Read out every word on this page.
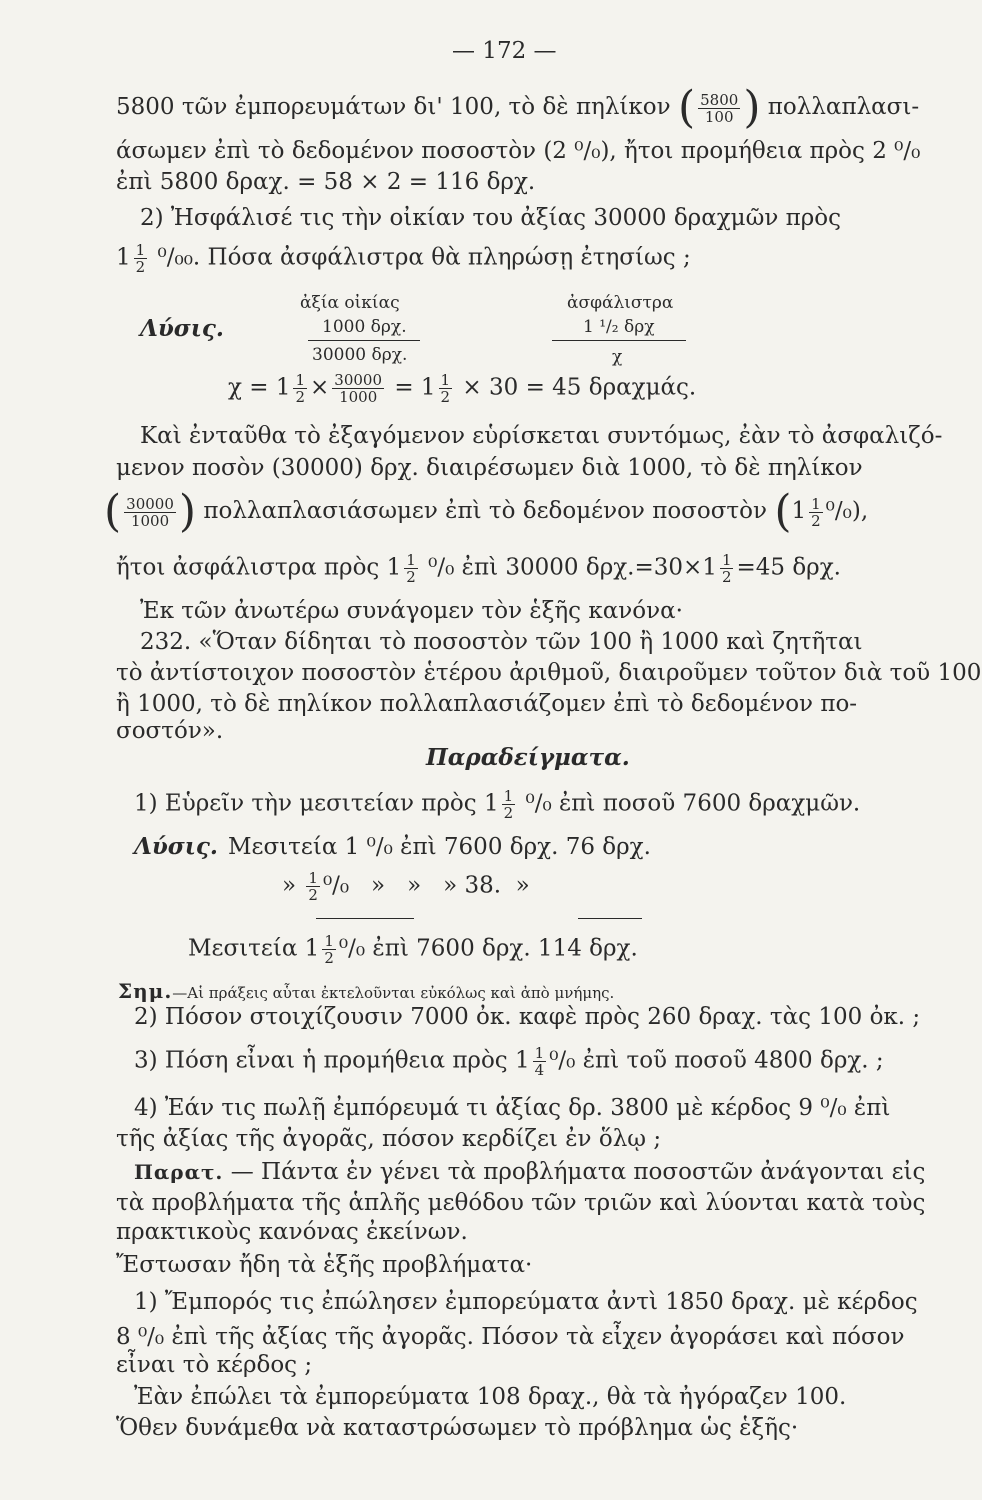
— 172 —
5800 τῶν ἐμπορευμάτων δι' 100, τὸ δὲ πηλίκον ( $\frac{5800}{100}$ ) πολλαπλασι-
άσωμεν ἐπὶ τὸ δεδομένον ποσοστὸν (2 ⁰/₀), ἤτοι προμήθεια πρὸς 2 ⁰/₀
ἐπὶ 5800 δραχ. = 58 × 2 = 116 δρχ.
2) Ἠσφάλισέ τις τὴν οἰκίαν του ἀξίας 30000 δραχμῶν πρὸς
$1 \frac{1}{2} ^0/_{00}$. Πόσα ἀσφάλιστρα θὰ πληρώσῃ ἐτησίως ;
Λύσις.
ἀξία οἰκίας	ἀσφάλιστρα
1000 δρχ.	1 ¹/₂ δρχ
30000 δρχ.	χ
$\chi = 1 \frac{1}{2} \times \frac{30000}{1000} = 1 \frac{1}{2} \times 30 = 45$ δραχμάς.
Καὶ ἐνταῦθα τὸ ἐξαγόμενον εὑρίσκεται συντόμως, ἐὰν τὸ ἀσφαλιζό-
μενον ποσὸν (30000) δρχ. διαιρέσωμεν διὰ 1000, τὸ δὲ πηλίκον
( $\frac{30000}{1000}$ ) πολλαπλασιάσωμεν ἐπὶ τὸ δεδομένον ποσοστὸν $(1 \frac{1}{2} ^0/_0)$,
ἤτοι ἀσφάλιστρα πρὸς $1 \frac{1}{2} ^0/_0$ ἐπὶ 30000 $\delta\rho\chi.=30\times 1 \frac{1}{2} =45$ δρχ.
Ἐκ τῶν ἀνωτέρω συνάγομεν τὸν ἑξῆς κανόνα·
232. «Ὅταν δίδηται τὸ ποσοστὸν τῶν 100 ἢ 1000 καὶ ζητῆται
τὸ ἀντίστοιχον ποσοστὸν ἑτέρου ἀριθμοῦ, διαιροῦμεν τοῦτον διὰ τοῦ 100
ἢ 1000, τὸ δὲ πηλίκον πολλαπλασιάζομεν ἐπὶ τὸ δεδομένον πο-
σοστόν».
Παραδείγματα.
1) Εὑρεῖν τὴν μεσιτείαν πρὸς $1 \frac{1}{2} ^0/_0$ ἐπὶ ποσοῦ 7600 δραχμῶν.
Λύσις. Μεσιτεία 1 ⁰/₀ ἐπὶ 7600 δρχ. 76 δρχ.
» $\frac{1}{2} ^0/_0$   »   »   » 38.  »
Μεσιτεία $1 \frac{1}{2} ^0/_0$ ἐπὶ 7600 δρχ. 114 δρχ.
Σημ.—Αἱ πράξεις αὗται ἐκτελοῦνται εὐκόλως καὶ ἀπὸ μνήμης.
2) Πόσον στοιχίζουσιν 7000 ὀκ. καφὲ πρὸς 260 δραχ. τὰς 100 ὀκ. ;
3) Πόση εἶναι ἡ προμήθεια πρὸς $1 \frac{1}{4} ^0/_0$ ἐπὶ τοῦ ποσοῦ 4800 δρχ. ;
4) Ἐάν τις πωλῇ ἐμπόρευμά τι ἀξίας δρ. 3800 μὲ κέρδος 9 ⁰/₀ ἐπὶ
τῆς ἀξίας τῆς ἀγορᾶς, πόσον κερδίζει ἐν ὅλῳ ;
Παρατ. — Πάντα ἐν γένει τὰ προβλήματα ποσοστῶν ἀνάγονται εἰς
τὰ προβλήματα τῆς ἁπλῆς μεθόδου τῶν τριῶν καὶ λύονται κατὰ τοὺς
πρακτικοὺς κανόνας ἐκείνων.
Ἔστωσαν ἤδη τὰ ἑξῆς προβλήματα·
1) Ἔμπορός τις ἐπώλησεν ἐμπορεύματα ἀντὶ 1850 δραχ. μὲ κέρδος
8 ⁰/₀ ἐπὶ τῆς ἀξίας τῆς ἀγορᾶς. Πόσον τὰ εἶχεν ἀγοράσει καὶ πόσον
εἶναι τὸ κέρδος ;
Ἐὰν ἐπώλει τὰ ἐμπορεύματα 108 δραχ., θὰ τὰ ἠγόραζεν 100.
Ὅθεν δυνάμεθα νὰ καταστρώσωμεν τὸ πρόβλημα ὡς ἑξῆς·
